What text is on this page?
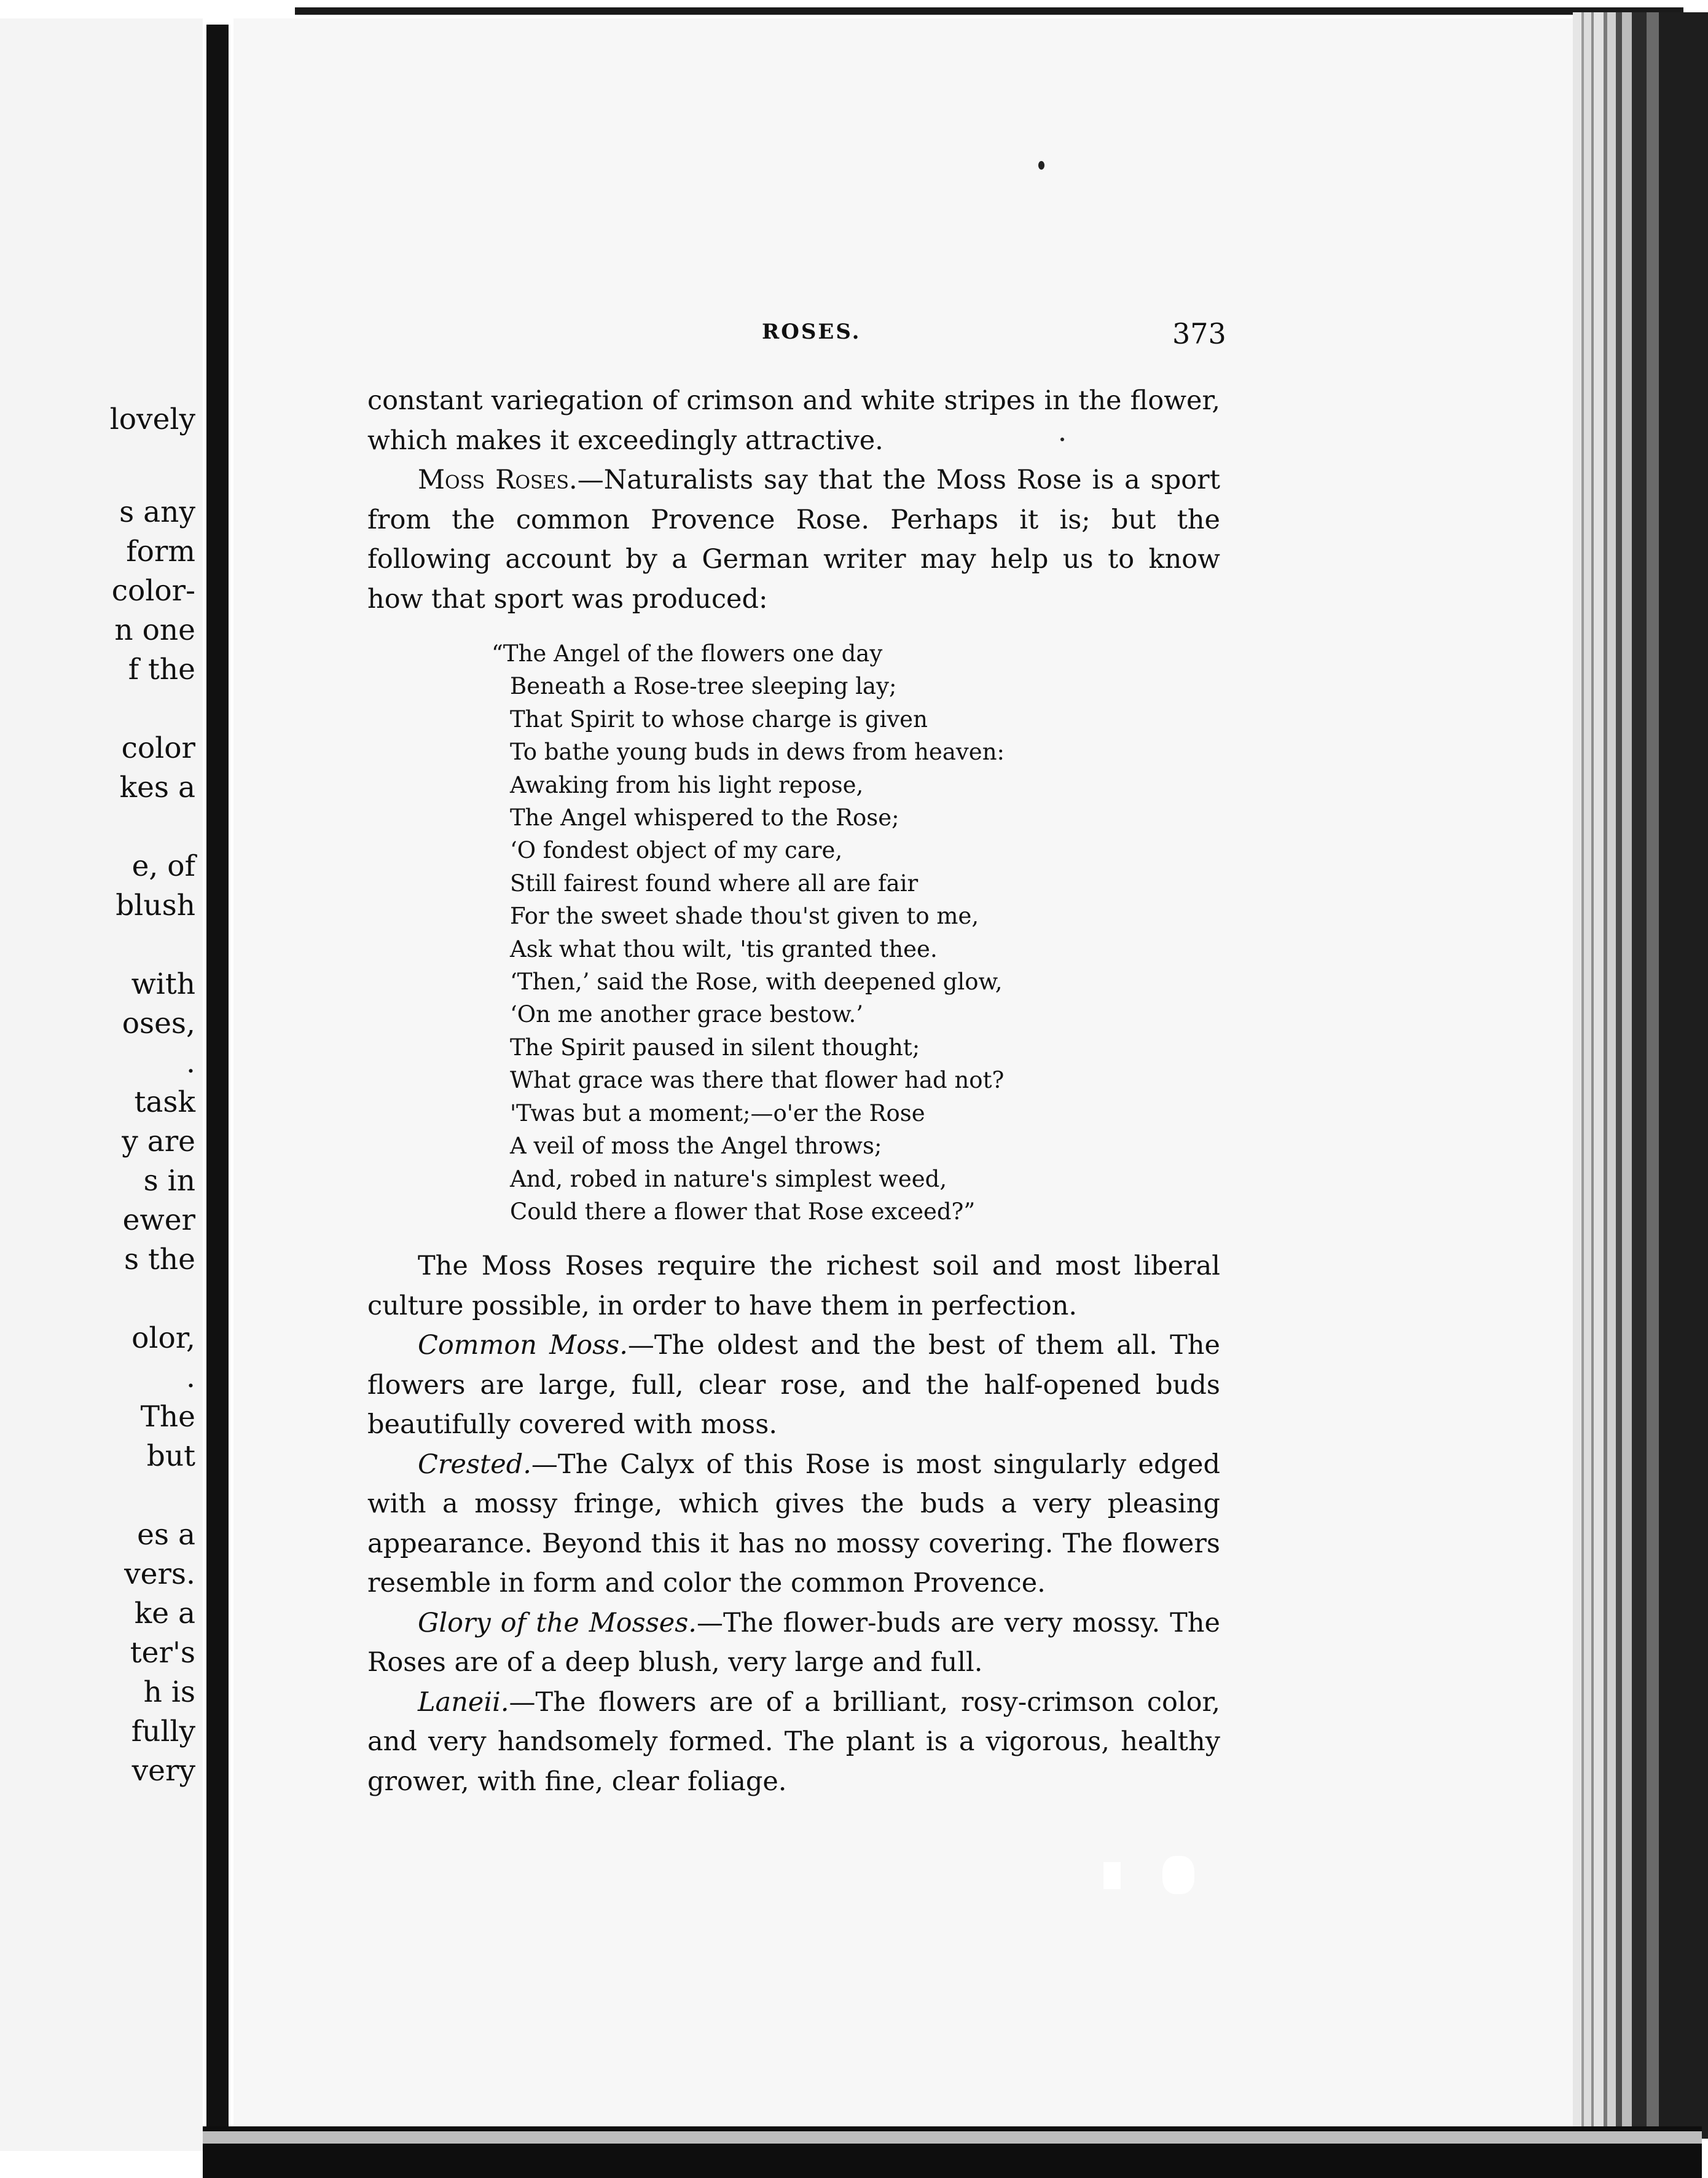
lovely
s any
form
color-
n one
f the
color
kes a
e, of
blush
with
oses,
.
task
y are
s in
ewer
s the
olor,
.
The
but
es a
vers.
ke a
ter's
h is
fully
very
ROSES.	373

constant variegation of crimson and white stripes in the flower, which makes it exceedingly attractive.

Moss Roses.—Naturalists say that the Moss Rose is a sport from the common Provence Rose. Perhaps it is; but the following account by a German writer may help us to know how that sport was produced:

“The Angel of the flowers one day
Beneath a Rose-tree sleeping lay;
That Spirit to whose charge is given
To bathe young buds in dews from heaven:
Awaking from his light repose,
The Angel whispered to the Rose;
‘O fondest object of my care,
Still fairest found where all are fair
For the sweet shade thou'st given to me,
Ask what thou wilt, 'tis granted thee.
‘Then,’ said the Rose, with deepened glow,
‘On me another grace bestow.’
The Spirit paused in silent thought;
What grace was there that flower had not?
'Twas but a moment;—o'er the Rose
A veil of moss the Angel throws;
And, robed in nature's simplest weed,
Could there a flower that Rose exceed?”

The Moss Roses require the richest soil and most liberal culture possible, in order to have them in perfection.

Common Moss.—The oldest and the best of them all. The flowers are large, full, clear rose, and the half-opened buds beautifully covered with moss.

Crested.—The Calyx of this Rose is most singularly edged with a mossy fringe, which gives the buds a very pleasing appearance. Beyond this it has no mossy covering. The flowers resemble in form and color the common Provence.

Glory of the Mosses.—The flower-buds are very mossy. The Roses are of a deep blush, very large and full.

Laneii.—The flowers are of a brilliant, rosy-crimson color, and very handsomely formed. The plant is a vigorous, healthy grower, with fine, clear foliage.
